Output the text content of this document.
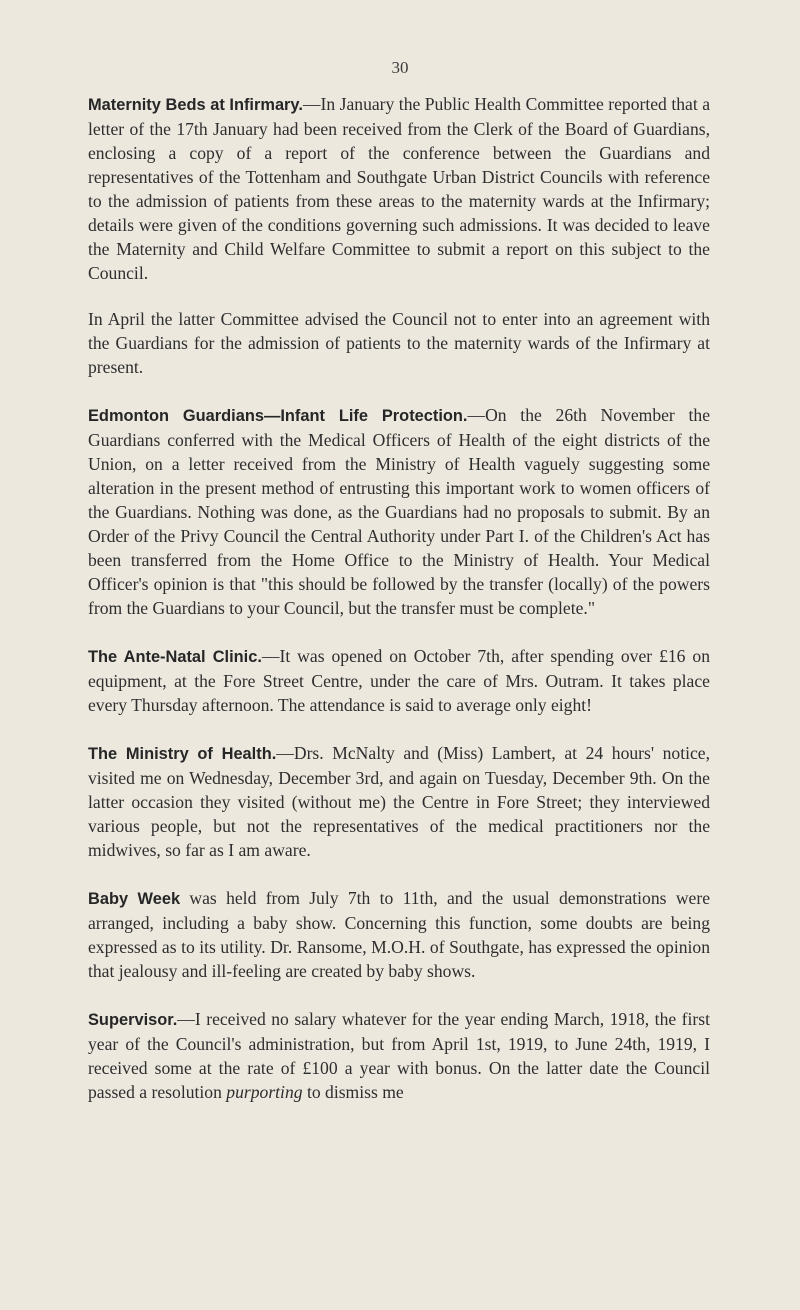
30

Maternity Beds at Infirmary.—In January the Public Health Committee reported that a letter of the 17th January had been received from the Clerk of the Board of Guardians, enclosing a copy of a report of the conference between the Guardians and representatives of the Tottenham and Southgate Urban District Councils with reference to the admission of patients from these areas to the maternity wards at the Infirmary; details were given of the conditions governing such admissions. It was decided to leave the Maternity and Child Welfare Committee to submit a report on this subject to the Council.

In April the latter Committee advised the Council not to enter into an agreement with the Guardians for the admission of patients to the maternity wards of the Infirmary at present.

Edmonton Guardians—Infant Life Protection.—On the 26th November the Guardians conferred with the Medical Officers of Health of the eight districts of the Union, on a letter received from the Ministry of Health vaguely suggesting some alteration in the present method of entrusting this important work to women officers of the Guardians. Nothing was done, as the Guardians had no proposals to submit. By an Order of the Privy Council the Central Authority under Part I. of the Children's Act has been transferred from the Home Office to the Ministry of Health. Your Medical Officer's opinion is that "this should be followed by the transfer (locally) of the powers from the Guardians to your Council, but the transfer must be complete."

The Ante-Natal Clinic.—It was opened on October 7th, after spending over £16 on equipment, at the Fore Street Centre, under the care of Mrs. Outram. It takes place every Thursday afternoon. The attendance is said to average only eight!

The Ministry of Health.—Drs. McNalty and (Miss) Lambert, at 24 hours' notice, visited me on Wednesday, December 3rd, and again on Tuesday, December 9th. On the latter occasion they visited (without me) the Centre in Fore Street; they interviewed various people, but not the representatives of the medical practitioners nor the midwives, so far as I am aware.

Baby Week was held from July 7th to 11th, and the usual demonstrations were arranged, including a baby show. Concerning this function, some doubts are being expressed as to its utility. Dr. Ransome, M.O.H. of Southgate, has expressed the opinion that jealousy and ill-feeling are created by baby shows.

Supervisor.—I received no salary whatever for the year ending March, 1918, the first year of the Council's administration, but from April 1st, 1919, to June 24th, 1919, I received some at the rate of £100 a year with bonus. On the latter date the Council passed a resolution purporting to dismiss me
